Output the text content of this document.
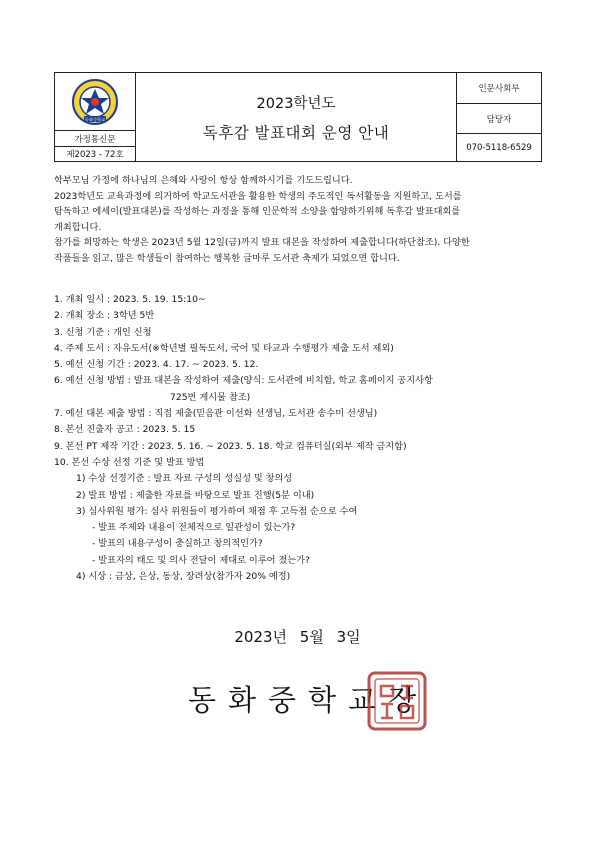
동화중학교
가정통신문
제2023 - 72호
2023학년도
독후감 발표대회 운영 안내
인문사회부
담당자
070-5118-6529

학부모님 가정에 하나님의 은혜와 사랑이 항상 함께하시기를 기도드립니다.

2023학년도 교육과정에 의거하여 학교도서관을 활용한 학생의 주도적인 독서활동을 지원하고, 도서를

탐독하고 에세이(발표대본)를 작성하는 과정을 통해 인문학적 소양을 함양하기위해 독후감 발표대회를

개최합니다.

참가를 희망하는 학생은 2023년 5월 12일(금)까지 발표 대본을 작성하여 제출합니다(하단참조). 다양한

작품들을 읽고, 많은 학생들이 참여하는 행복한 글마루 도서관 축제가 되었으면 합니다.

1. 개최 일시 : 2023. 5. 19. 15:10~
2. 개최 장소 : 3학년 5반
3. 신청 기준 : 개인 신청
4. 주제 도서 : 자유도서(※학년별 필독도서, 국어 및 타교과 수행평가 제출 도서 제외)
5. 예선 신청 기간 : 2023. 4. 17. ~ 2023. 5. 12.
6. 예선 신청 방법 : 발표 대본을 작성하여 제출(양식: 도서관에 비치함, 학교 홈페이지 공지사항
725번 게시물 참조)
7. 예선 대본 제출 방법 : 직접 제출(믿음관 이선화 선생님, 도서관 송수미 선생님)
8. 본선 진출자 공고 : 2023. 5. 15
9. 본선 PT 제작 기간 : 2023. 5. 16. ~ 2023. 5. 18. 학교 컴퓨터실(외부 제작 금지함)
10. 본선 수상 선정 기준 및 발표 방법
1) 수상 선정기준 : 발표 자료 구성의 성실성 및 창의성
2) 발표 방법 : 제출한 자료를 바탕으로 발표 진행(5분 이내)
3) 심사위원 평가: 심사 위원들이 평가하여 채점 후 고득점 순으로 수여
- 발표 주제와 내용이 전체적으로 일관성이 있는가?
- 발표의 내용구성이 충실하고 창의적인가?
- 발표자의 태도 및 의사 전달이 제대로 이루어 졌는가?
4) 시상 : 금상, 은상, 동상, 장려상(참가자 20% 예정)
2023년 5월 3일
동화중학교장
